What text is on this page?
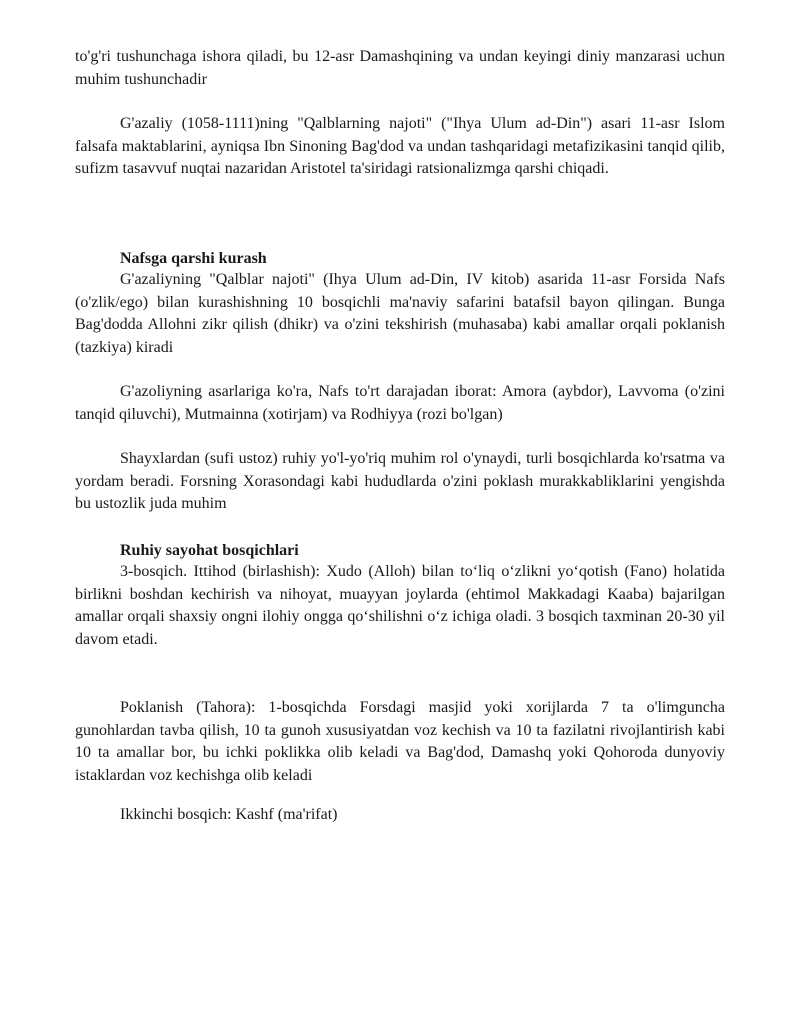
to'g'ri tushunchaga ishora qiladi, bu 12-asr Damashqining va undan keyingi diniy manzarasi uchun muhim tushunchadir

G'azaliy (1058-1111)ning "Qalblarning najoti" ("Ihya Ulum ad-Din") asari 11-asr Islom falsafa maktablarini, ayniqsa Ibn Sinoning Bag'dod va undan tashqaridagi metafizikasini tanqid qilib, sufizm tasavvuf nuqtai nazaridan Aristotel ta'siridagi ratsionalizmga qarshi chiqadi.

Nafsga qarshi kurash

G'azaliyning "Qalblar najoti" (Ihya Ulum ad-Din, IV kitob) asarida 11-asr Forsida Nafs (o'zlik/ego) bilan kurashishning 10 bosqichli ma'naviy safarini batafsil bayon qilingan. Bunga Bag'dodda Allohni zikr qilish (dhikr) va o'zini tekshirish (muhasaba) kabi amallar orqali poklanish (tazkiya) kiradi

G'azoliyning asarlariga ko'ra, Nafs to'rt darajadan iborat: Amora (aybdor), Lavvoma (o'zini tanqid qiluvchi), Mutmainna (xotirjam) va Rodhiyya (rozi bo'lgan)

Shayxlardan (sufi ustoz) ruhiy yo'l-yo'riq muhim rol o'ynaydi, turli bosqichlarda ko'rsatma va yordam beradi. Forsning Xorasondagi kabi hududlarda o'zini poklash murakkabliklarini yengishda bu ustozlik juda muhim

Ruhiy sayohat bosqichlari

3-bosqich. Ittihod (birlashish): Xudo (Alloh) bilan to‘liq o‘zlikni yo‘qotish (Fano) holatida birlikni boshdan kechirish va nihoyat, muayyan joylarda (ehtimol Makkadagi Kaaba) bajarilgan amallar orqali shaxsiy ongni ilohiy ongga qo‘shilishni o‘z ichiga oladi. 3 bosqich taxminan 20-30 yil davom etadi.

Poklanish (Tahora): 1-bosqichda Forsdagi masjid yoki xorijlarda 7 ta o'limguncha gunohlardan tavba qilish, 10 ta gunoh xususiyatdan voz kechish va 10 ta fazilatni rivojlantirish kabi 10 ta amallar bor, bu ichki poklikka olib keladi va Bag'dod, Damashq yoki Qohoroda dunyoviy istaklardan voz kechishga olib keladi

Ikkinchi bosqich: Kashf (ma'rifat)
